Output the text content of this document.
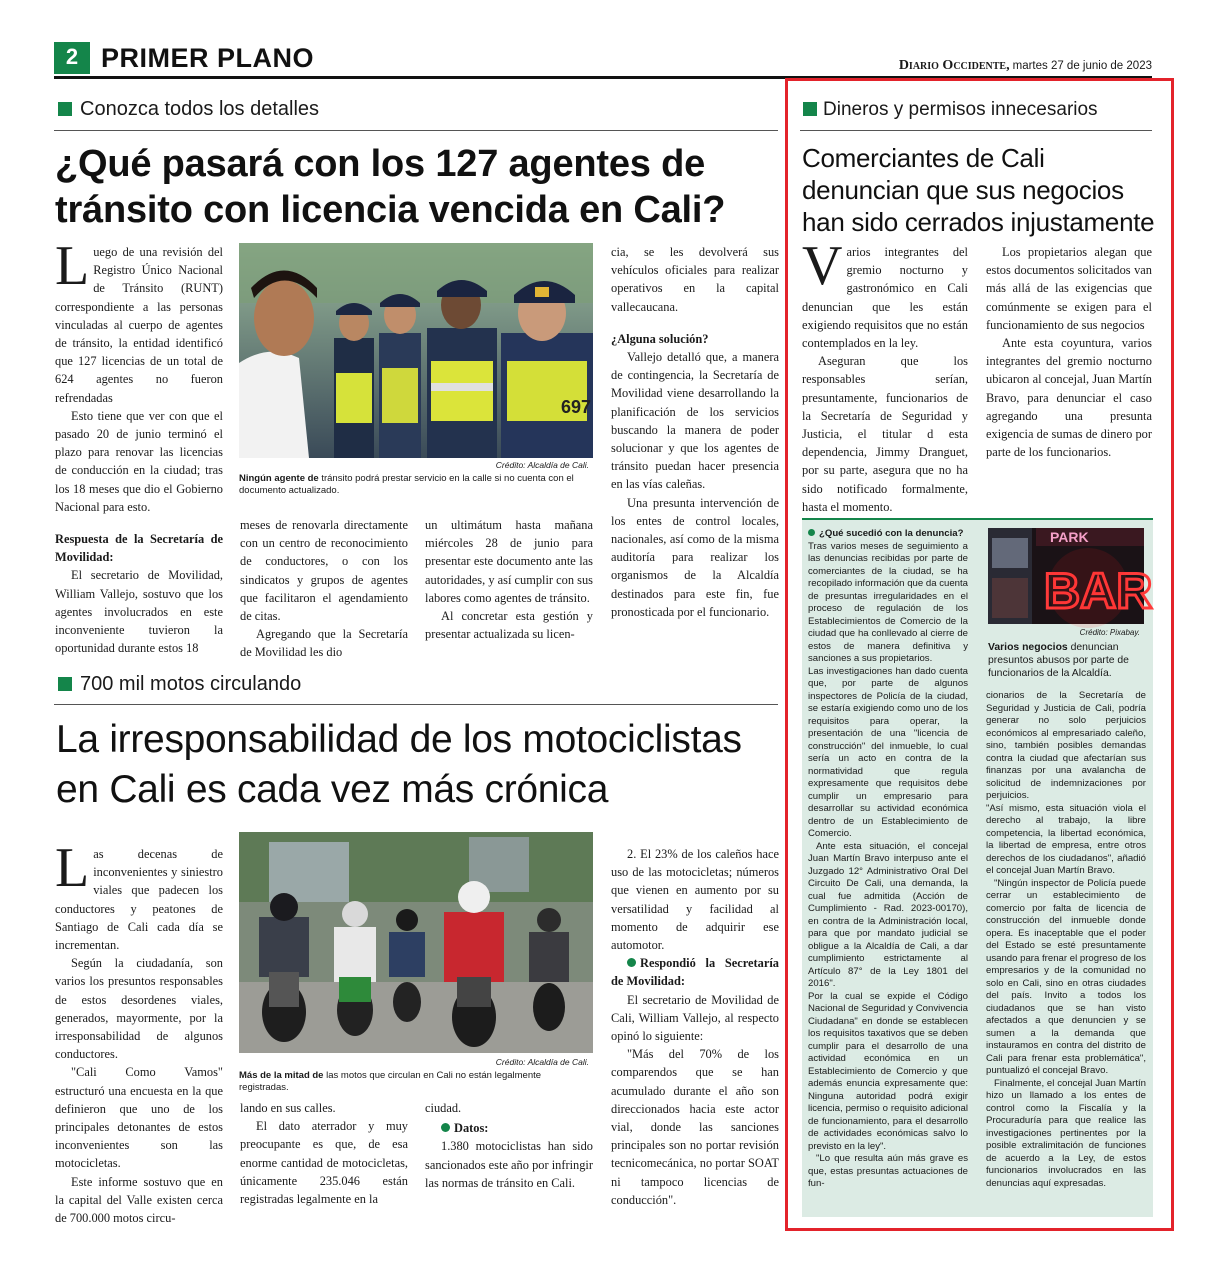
2 PRIMER PLANO	Diario Occidente, martes 27 de junio de 2023
Conozca todos los detalles
¿Qué pasará con los 127 agentes de tránsito con licencia vencida en Cali?

Luego de una revisión del Registro Único Nacional de Tránsito (RUNT) correspondiente a las personas vinculadas al cuerpo de agentes de tránsito, la entidad identificó que 127 licencias de un total de 624 agentes no fueron refrendadas

Esto tiene que ver con que el pasado 20 de junio terminó el plazo para renovar las licencias de conducción en la ciudad; tras los 18 meses que dio el Gobierno Nacional para esto.

Respuesta de la Secretaría de Movilidad:

El secretario de Movilidad, William Vallejo, sostuvo que los agentes involucrados en este inconveniente tuvieron la oportunidad durante estos 18

697
Crédito: Alcaldía de Cali.
Ningún agente de tránsito podrá prestar servicio en la calle si no cuenta con el documento actualizado.

meses de renovarla directamente con un centro de reconocimiento de conductores, o con los sindicatos y grupos de agentes que facilitaron el agendamiento de citas.

Agregando que la Secretaría de Movilidad les dio

un ultimátum hasta mañana miércoles 28 de junio para presentar este documento ante las autoridades, y así cumplir con sus labores como agentes de tránsito.

Al concretar esta gestión y presentar actualizada su licen-

cia, se les devolverá sus vehículos oficiales para realizar operativos en la capital vallecaucana.

¿Alguna solución?

Vallejo detalló que, a manera de contingencia, la Secretaría de Movilidad viene desarrollando la planificación de los servicios buscando la manera de poder solucionar y que los agentes de tránsito puedan hacer presencia en las vías caleñas.

Una presunta intervención de los entes de control locales, nacionales, así como de la misma auditoría para realizar los organismos de la Alcaldía destinados para este fin, fue pronosticada por el funcionario.

700 mil motos circulando
La irresponsabilidad de los motociclistas en Cali es cada vez más crónica

Las decenas de inconvenientes y siniestro viales que padecen los conductores y peatones de Santiago de Cali cada día se incrementan.

Según la ciudadanía, son varios los presuntos responsables de estos desordenes viales, generados, mayormente, por la irresponsabilidad de algunos conductores.

"Cali Como Vamos" estructuró una encuesta en la que definieron que uno de los principales detonantes de estos inconvenientes son las motocicletas.

Este informe sostuvo que en la capital del Valle existen cerca de 700.000 motos circu-

Crédito: Alcaldía de Cali.
Más de la mitad de las motos que circulan en Cali no están legalmente registradas.

lando en sus calles.

El dato aterrador y muy preocupante es que, de esa enorme cantidad de motocicletas, únicamente 235.046 están registradas legalmente en la

ciudad.

Datos:

1.380 motociclistas han sido sancionados este año por infringir las normas de tránsito en Cali.

2. El 23% de los caleños hace uso de las motocicletas; números que vienen en aumento por su versatilidad y facilidad al momento de adquirir ese automotor.

Respondió la Secretaría de Movilidad:

El secretario de Movilidad de Cali, William Vallejo, al respecto opinó lo siguiente:

"Más del 70% de los comparendos que se han acumulado durante el año son direccionados hacia este actor vial, donde las sanciones principales son no portar revisión tecnicomecánica, no portar SOAT ni tampoco licencias de conducción".

Dineros y permisos innecesarios
Comerciantes de Cali denuncian que sus negocios han sido cerrados injustamente

Varios integrantes del gremio nocturno y gastronómico en Cali denuncian que les están exigiendo requisitos que no están contemplados en la ley.

Aseguran que los responsables serían, presuntamente, funcionarios de la Secretaría de Seguridad y Justicia, el titular d esta dependencia, Jimmy Dranguet, por su parte, asegura que no ha sido notificado formalmente, hasta el momento.

Los propietarios alegan que estos documentos solicitados van más allá de las exigencias que comúnmente se exigen para el funcionamiento de sus negocios

Ante esta coyuntura, varios integrantes del gremio nocturno ubicaron al concejal, Juan Martín Bravo, para denunciar el caso agregando una presunta exigencia de sumas de dinero por parte de los funcionarios.

¿Qué sucedió con la denuncia?

Tras varios meses de seguimiento a las denuncias recibidas por parte de comerciantes de la ciudad, se ha recopilado información que da cuenta de presuntas irregularidades en el proceso de regulación de los Establecimientos de Comercio de la ciudad que ha conllevado al cierre de estos de manera definitiva y sanciones a sus propietarios.

Las investigaciones han dado cuenta que, por parte de algunos inspectores de Policía de la ciudad, se estaría exigiendo como uno de los requisitos para operar, la presentación de una "licencia de construcción" del inmueble, lo cual sería un acto en contra de la normatividad que regula expresamente que requisitos debe cumplir un empresario para desarrollar su actividad económica dentro de un Establecimiento de Comercio.

Ante esta situación, el concejal Juan Martín Bravo interpuso ante el Juzgado 12° Administrativo Oral Del Circuito De Cali, una demanda, la cual fue admitida (Acción de Cumplimiento - Rad. 2023-00170), en contra de la Administración local, para que por mandato judicial se obligue a la Alcaldía de Cali, a dar cumplimiento estrictamente al Artículo 87° de la Ley 1801 del 2016".

Por la cual se expide el Código Nacional de Seguridad y Convivencia Ciudadana" en donde se establecen los requisitos taxativos que se deben cumplir para el desarrollo de una actividad económica en un Establecimiento de Comercio y que además enuncia expresamente que: Ninguna autoridad podrá exigir licencia, permiso o requisito adicional de funcionamiento, para el desarrollo de actividades económicas salvo lo previsto en la ley".

"Lo que resulta aún más grave es que, estas presuntas actuaciones de fun-

PARK
BAR
Crédito: Pixabay.
Varios negocios denuncian presuntos abusos por parte de funcionarios de la Alcaldía.

cionarios de la Secretaría de Seguridad y Justicia de Cali, podría generar no solo perjuicios económicos al empresariado caleño, sino, también posibles demandas contra la ciudad que afectarían sus finanzas por una avalancha de solicitud de indemnizaciones por perjuicios.

"Así mismo, esta situación viola el derecho al trabajo, la libre competencia, la libertad económica, la libertad de empresa, entre otros derechos de los ciudadanos", añadió el concejal Juan Martín Bravo.

"Ningún inspector de Policía puede cerrar un establecimiento de comercio por falta de licencia de construcción del inmueble donde opera. Es inaceptable que el poder del Estado se esté presuntamente usando para frenar el progreso de los empresarios y de la comunidad no solo en Cali, sino en otras ciudades del país. Invito a todos los ciudadanos que se han visto afectados a que denuncien y se sumen a la demanda que instauramos en contra del distrito de Cali para frenar esta problemática", puntualizó el concejal Bravo.

Finalmente, el concejal Juan Martín hizo un llamado a los entes de control como la Fiscalía y la Procuraduría para que realice las investigaciones pertinentes por la posible extralimitación de funciones de acuerdo a la Ley, de estos funcionarios involucrados en las denuncias aquí expresadas.
